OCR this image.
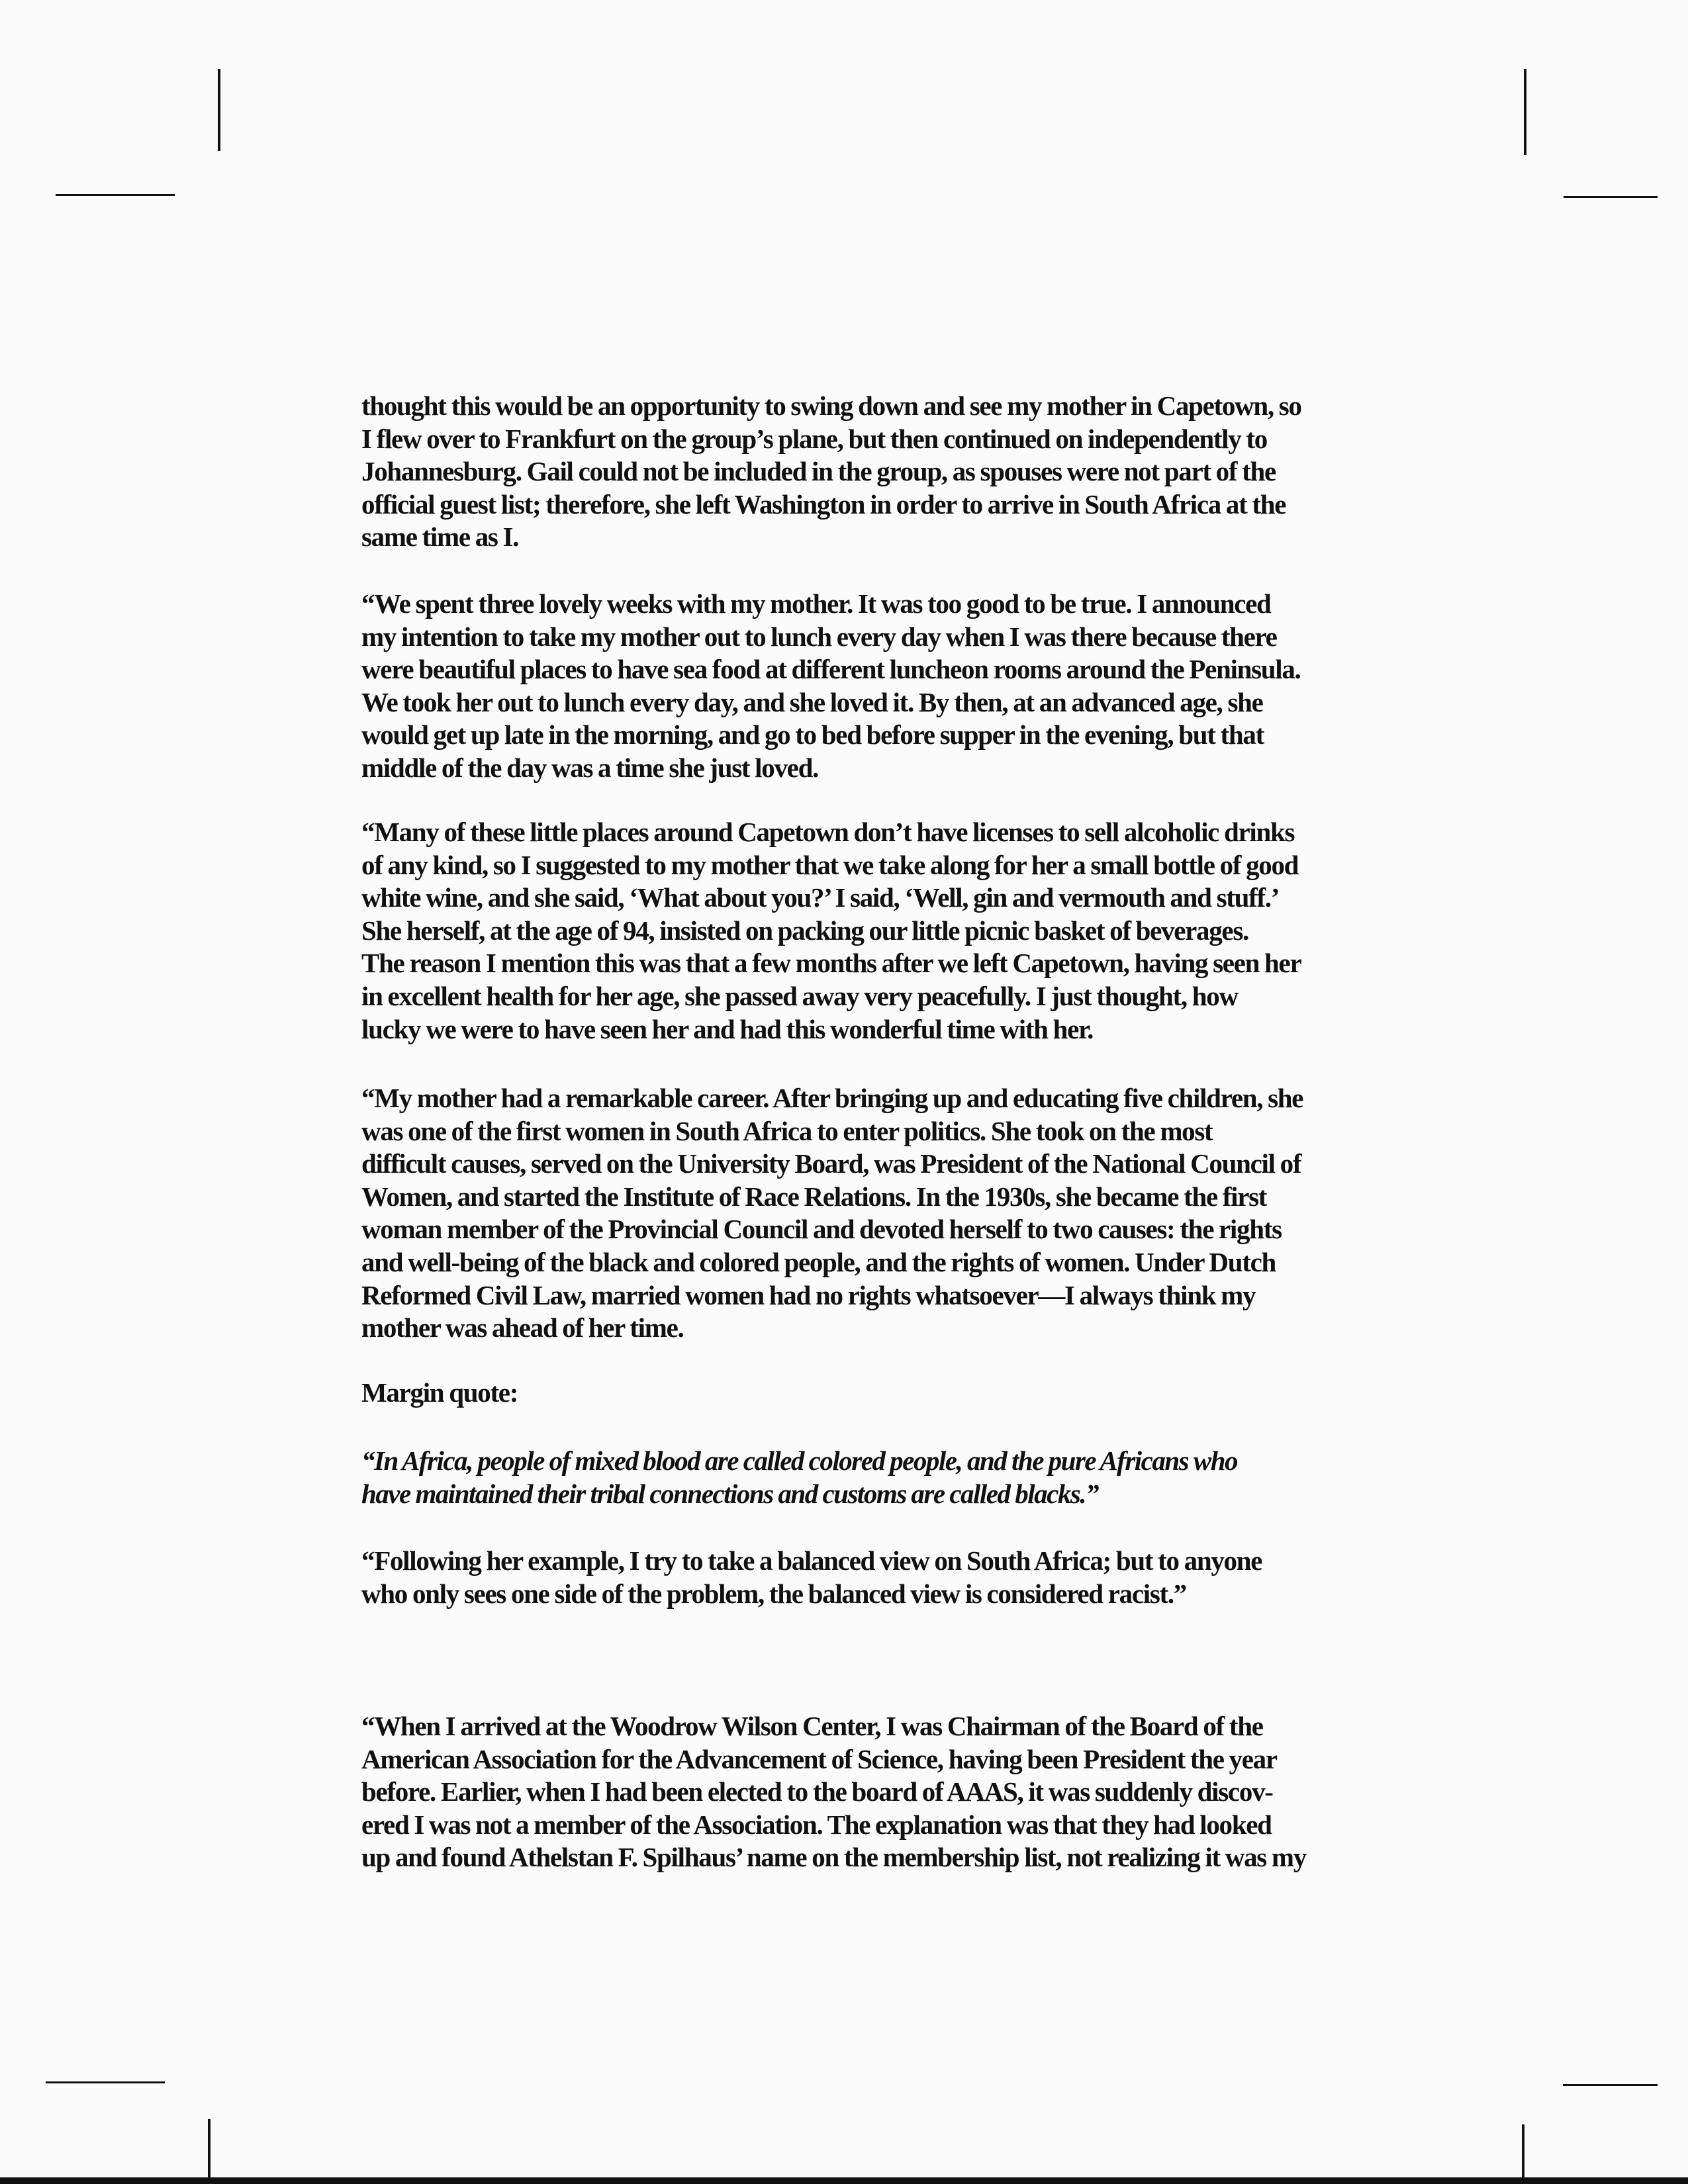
thought this would be an opportunity to swing down and see my mother in Capetown, so
I flew over to Frankfurt on the group’s plane, but then continued on independently to
Johannesburg. Gail could not be included in the group, as spouses were not part of the
official guest list; therefore, she left Washington in order to arrive in South Africa at the
same time as I.
“We spent three lovely weeks with my mother. It was too good to be true. I announced
my intention to take my mother out to lunch every day when I was there because there
were beautiful places to have sea food at different luncheon rooms around the Peninsula.
We took her out to lunch every day, and she loved it. By then, at an advanced age, she
would get up late in the morning, and go to bed before supper in the evening, but that
middle of the day was a time she just loved.
“Many of these little places around Capetown don’t have licenses to sell alcoholic drinks
of any kind, so I suggested to my mother that we take along for her a small bottle of good
white wine, and she said, ‘What about you?’ I said, ‘Well, gin and vermouth and stuff.’
She herself, at the age of 94, insisted on packing our little picnic basket of beverages.
The reason I mention this was that a few months after we left Capetown, having seen her
in excellent health for her age, she passed away very peacefully. I just thought, how
lucky we were to have seen her and had this wonderful time with her.
“My mother had a remarkable career. After bringing up and educating five children, she
was one of the first women in South Africa to enter politics. She took on the most
difficult causes, served on the University Board, was President of the National Council of
Women, and started the Institute of Race Relations. In the 1930s, she became the first
woman member of the Provincial Council and devoted herself to two causes: the rights
and well-being of the black and colored people, and the rights of women. Under Dutch
Reformed Civil Law, married women had no rights whatsoever—I always think my
mother was ahead of her time.
Margin quote:
“In Africa, people of mixed blood are called colored people, and the pure Africans who
have maintained their tribal connections and customs are called blacks.”
“Following her example, I try to take a balanced view on South Africa; but to anyone
who only sees one side of the problem, the balanced view is considered racist.”
“When I arrived at the Woodrow Wilson Center, I was Chairman of the Board of the
American Association for the Advancement of Science, having been President the year
before. Earlier, when I had been elected to the board of AAAS, it was suddenly discov-
ered I was not a member of the Association. The explanation was that they had looked
up and found Athelstan F. Spilhaus’ name on the membership list, not realizing it was my
